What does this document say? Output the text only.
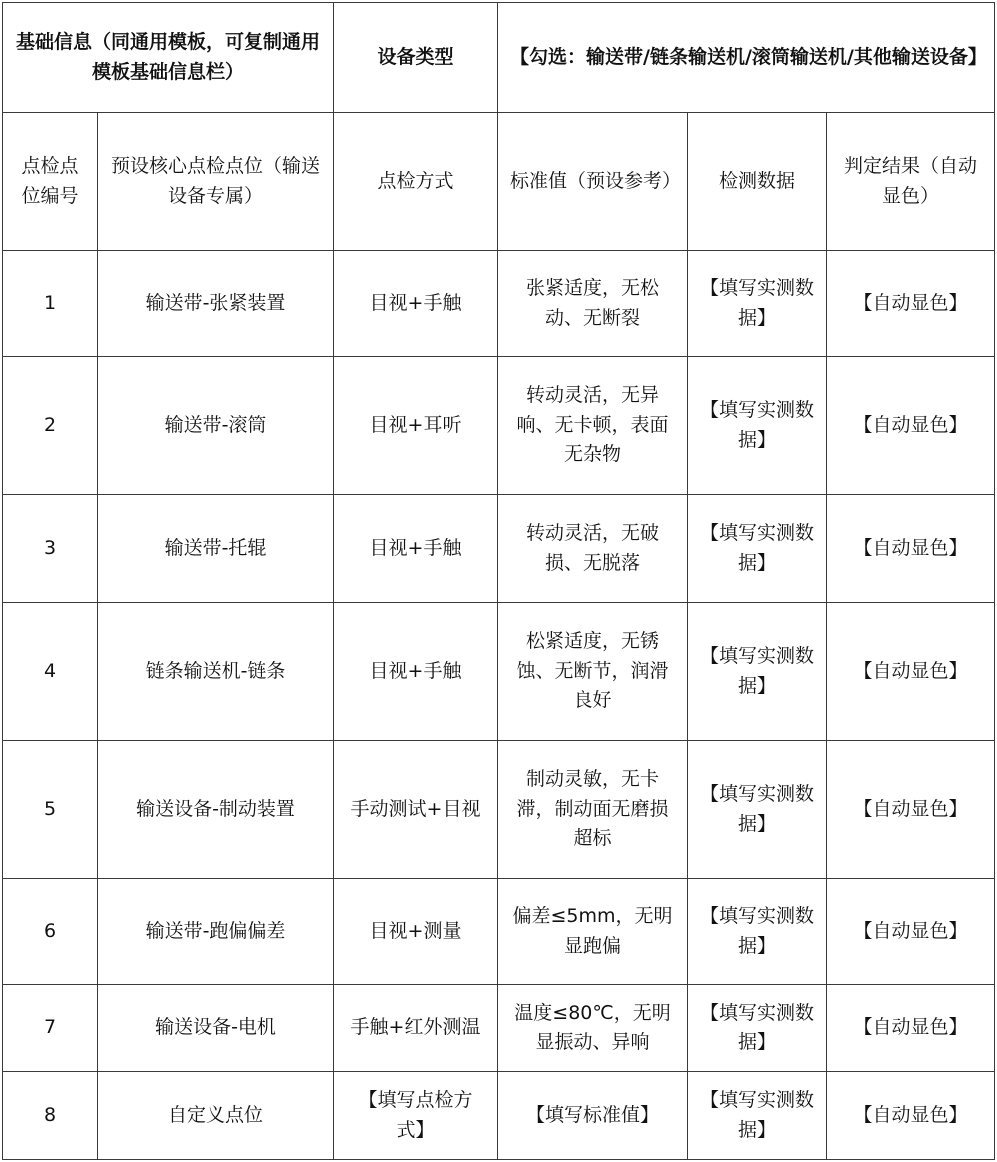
基础信息（同通用模板，可复制通用模板基础信息栏）		设备类型	【勾选：输送带/链条输送机/滚筒输送机/其他输送设备】		
点检点位编号	预设核心点检点位（输送设备专属）	点检方式	标准值（预设参考）	检测数据	判定结果（自动显色）
1	输送带-张紧装置	目视+手触	张紧适度，无松动、无断裂	【填写实测数据】	【自动显色】
2	输送带-滚筒	目视+耳听	转动灵活，无异响、无卡顿，表面无杂物	【填写实测数据】	【自动显色】
3	输送带-托辊	目视+手触	转动灵活，无破损、无脱落	【填写实测数据】	【自动显色】
4	链条输送机-链条	目视+手触	松紧适度，无锈蚀、无断节，润滑良好	【填写实测数据】	【自动显色】
5	输送设备-制动装置	手动测试+目视	制动灵敏，无卡滞，制动面无磨损超标	【填写实测数据】	【自动显色】
6	输送带-跑偏偏差	目视+测量	偏差≤5mm，无明显跑偏	【填写实测数据】	【自动显色】
7	输送设备-电机	手触+红外测温	温度≤80℃，无明显振动、异响	【填写实测数据】	【自动显色】
8	自定义点位	【填写点检方式】	【填写标准值】	【填写实测数据】	【自动显色】
